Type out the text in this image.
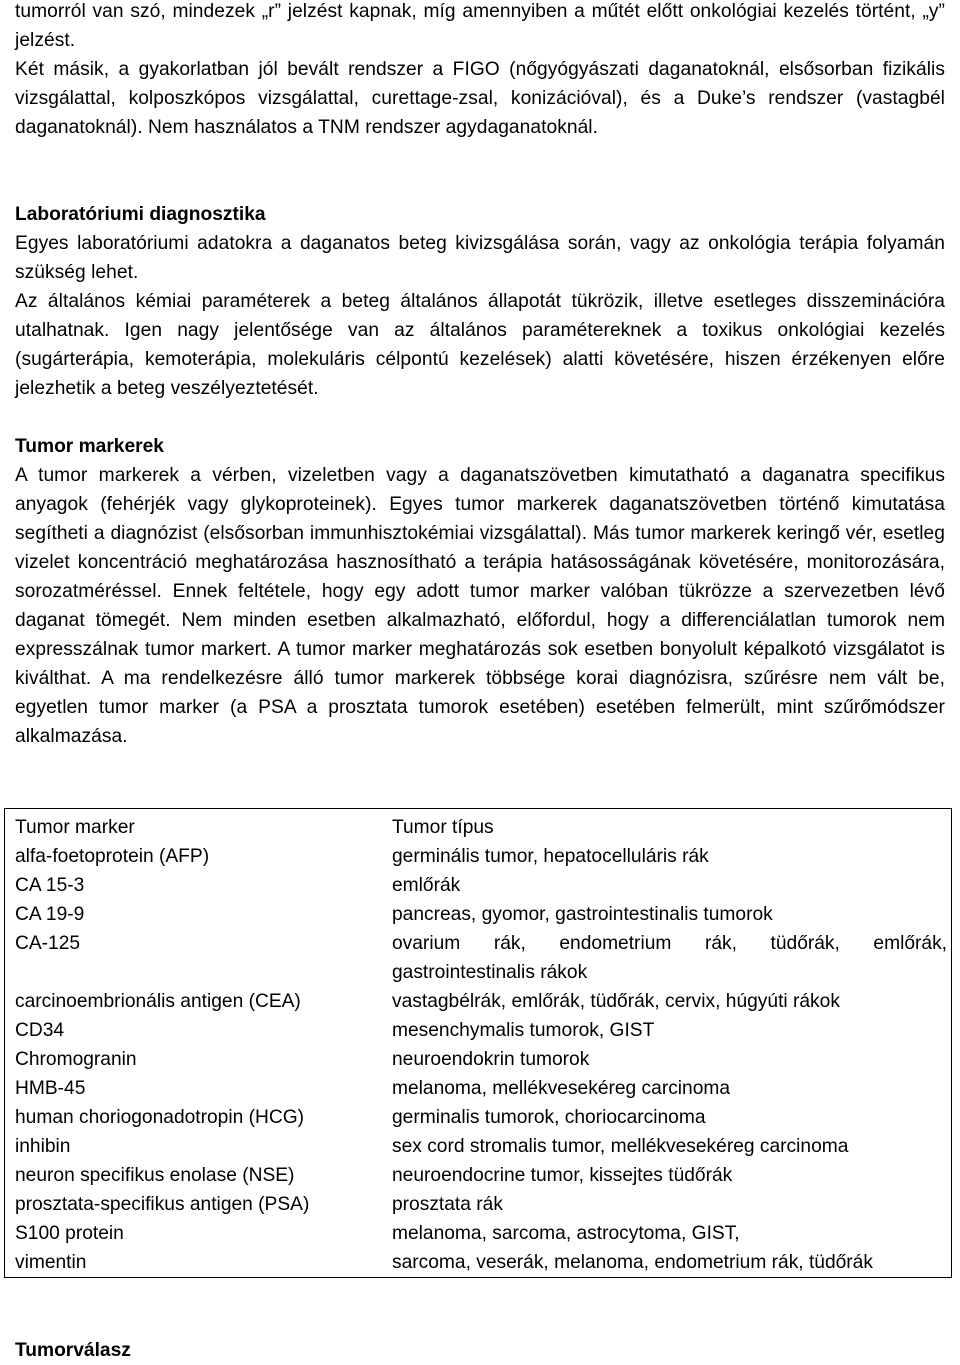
tumorról van szó, mindezek „r” jelzést kapnak, míg amennyiben a műtét előtt onkológiai kezelés történt, „y” jelzést.

Két másik, a gyakorlatban jól bevált rendszer a FIGO (nőgyógyászati daganatoknál, elsősorban fizikális vizsgálattal, kolposzkópos vizsgálattal, curettage-zsal, konizációval), és a Duke’s rendszer (vastagbél daganatoknál). Nem használatos a TNM rendszer agydaganatoknál.

Laboratóriumi diagnosztika

Egyes laboratóriumi adatokra a daganatos beteg kivizsgálása során, vagy az onkológia terápia folyamán szükség lehet.

Az általános kémiai paraméterek a beteg általános állapotát tükrözik, illetve esetleges disszeminációra utalhatnak. Igen nagy jelentősége van az általános paramétereknek a toxikus onkológiai kezelés (sugárterápia, kemoterápia, molekuláris célpontú kezelések) alatti követésére, hiszen érzékenyen előre jelezhetik a beteg veszélyeztetését.

Tumor markerek

A tumor markerek a vérben, vizeletben vagy a daganatszövetben kimutatható a daganatra specifikus anyagok (fehérjék vagy glykoproteinek). Egyes tumor markerek daganatszövetben történő kimutatása segítheti a diagnózist (elsősorban immunhisztokémiai vizsgálattal). Más tumor markerek keringő vér, esetleg vizelet koncentráció meghatározása hasznosítható a terápia hatásosságának követésére, monitorozására, sorozatméréssel. Ennek feltétele, hogy egy adott tumor marker valóban tükrözze a szervezetben lévő daganat tömegét. Nem minden esetben alkalmazható, előfordul, hogy a differenciálatlan tumorok nem expresszálnak tumor markert. A tumor marker meghatározás sok esetben bonyolult képalkotó vizsgálatot is kiválthat. A ma rendelkezésre álló tumor markerek többsége korai diagnózisra, szűrésre nem vált be, egyetlen tumor marker (a PSA a prosztata tumorok esetében) esetében felmerült, mint szűrőmódszer alkalmazása.

Tumor marker
alfa-foetoprotein (AFP)
CA 15-3
CA 19-9
CA-125
carcinoembrionális antigen (CEA)
CD34
Chromogranin
HMB-45
human choriogonadotropin (HCG)
inhibin
neuron specifikus enolase (NSE)
prosztata-specifikus antigen (PSA)
S100 protein
vimentin
Tumor típus
germinális tumor, hepatocelluláris rák
emlőrák
pancreas, gyomor, gastrointestinalis tumorok
ovarium rák, endometrium rák, tüdőrák, emlőrák, gastrointestinalis rákok
vastagbélrák, emlőrák, tüdőrák, cervix, húgyúti rákok
mesenchymalis tumorok, GIST
neuroendokrin tumorok
melanoma, mellékvesekéreg carcinoma
germinalis tumorok, choriocarcinoma
sex cord stromalis tumor, mellékvesekéreg carcinoma
neuroendocrine tumor, kissejtes tüdőrák
prosztata rák
melanoma, sarcoma, astrocytoma, GIST,
sarcoma, veserák, melanoma, endometrium rák, tüdőrák

Tumorválasz
